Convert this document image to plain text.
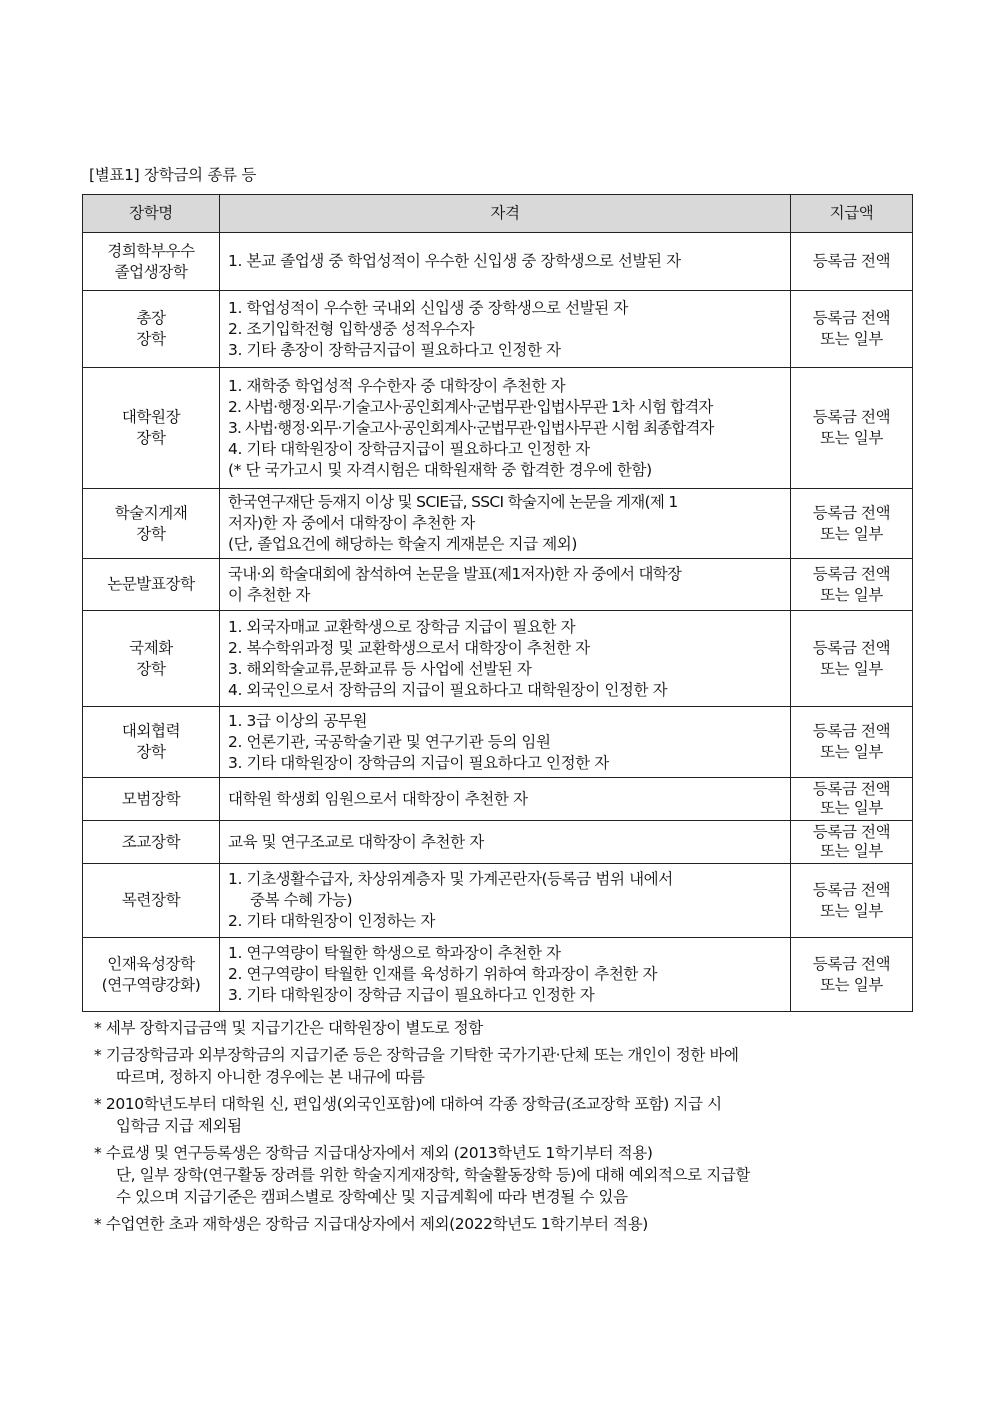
[별표1] 장학금의 종류 등
장학명	자격	지급액

경희학부우수
졸업생장학	1. 본교 졸업생 중 학업성적이 우수한 신입생 중 장학생으로 선발된 자	등록금 전액

총장
장학	1. 학업성적이 우수한 국내외 신입생 중 장학생으로 선발된 자
2. 조기입학전형 입학생중 성적우수자
3. 기타 총장이 장학금지급이 필요하다고 인정한 자	등록금 전액
또는 일부

대학원장
장학	1. 재학중 학업성적 우수한자 중 대학장이 추천한 자
2. 사법·행정·외무·기술고사·공인회계사·군법무관·입법사무관 1차 시험 합격자
3. 사법·행정·외무·기술고사·공인회계사·군법무관·입법사무관 시험 최종합격자
4. 기타 대학원장이 장학금지급이 필요하다고 인정한 자
(* 단 국가고시 및 자격시험은 대학원재학 중 합격한 경우에 한함)	등록금 전액
또는 일부

학술지게재
장학	한국연구재단 등재지 이상 및 SCIE급, SSCI 학술지에 논문을 게재(제 1
저자)한 자 중에서 대학장이 추천한 자
(단, 졸업요건에 해당하는 학술지 게재분은 지급 제외)	등록금 전액
또는 일부

논문발표장학	국내·외 학술대회에 참석하여 논문을 발표(제1저자)한 자 중에서 대학장
이 추천한 자	등록금 전액
또는 일부

국제화
장학	1. 외국자매교 교환학생으로 장학금 지급이 필요한 자
2. 복수학위과정 및 교환학생으로서 대학장이 추천한 자
3. 해외학술교류,문화교류 등 사업에 선발된 자
4. 외국인으로서 장학금의 지급이 필요하다고 대학원장이 인정한 자	등록금 전액
또는 일부

대외협력
장학	1. 3급 이상의 공무원
2. 언론기관, 국공학술기관 및 연구기관 등의 임원
3. 기타 대학원장이 장학금의 지급이 필요하다고 인정한 자	등록금 전액
또는 일부

모범장학	대학원 학생회 임원으로서 대학장이 추천한 자	등록금 전액
또는 일부

조교장학	교육 및 연구조교로 대학장이 추천한 자	등록금 전액
또는 일부

목련장학	1. 기초생활수급자, 차상위계층자 및 가계곤란자(등록금 범위 내에서
중복 수혜 가능)
2. 기타 대학원장이 인정하는 자	등록금 전액
또는 일부

인재육성장학
(연구역량강화)	1. 연구역량이 탁월한 학생으로 학과장이 추천한 자
2. 연구역량이 탁월한 인재를 육성하기 위하여 학과장이 추천한 자
3. 기타 대학원장이 장학금 지급이 필요하다고 인정한 자	등록금 전액
또는 일부
* 세부 장학지급금액 및 지급기간은 대학원장이 별도로 정함
* 기금장학금과 외부장학금의 지급기준 등은 장학금을 기탁한 국가기관·단체 또는 개인이 정한 바에
따르며, 정하지 아니한 경우에는 본 내규에 따름
* 2010학년도부터 대학원 신, 편입생(외국인포함)에 대하여 각종 장학금(조교장학 포함) 지급 시
입학금 지급 제외됨
* 수료생 및 연구등록생은 장학금 지급대상자에서 제외 (2013학년도 1학기부터 적용)
단, 일부 장학(연구활동 장려를 위한 학술지게재장학, 학술활동장학 등)에 대해 예외적으로 지급할
수 있으며 지급기준은 캠퍼스별로 장학예산 및 지급계획에 따라 변경될 수 있음
* 수업연한 초과 재학생은 장학금 지급대상자에서 제외(2022학년도 1학기부터 적용)
